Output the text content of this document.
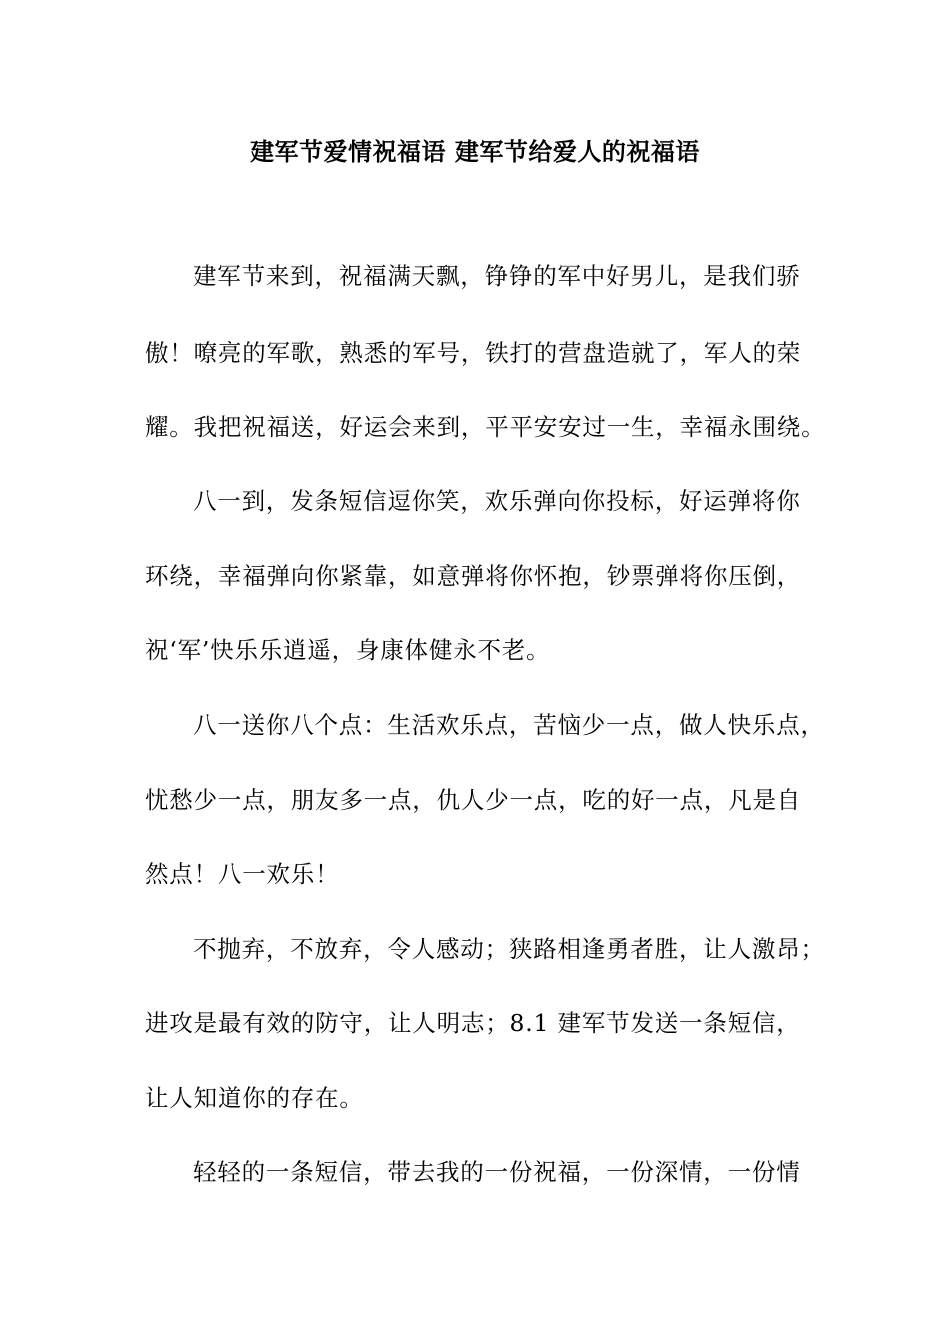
建军节爱情祝福语 建军节给爱人的祝福语
建军节来到，祝福满天飘，铮铮的军中好男儿，是我们骄
傲！嘹亮的军歌，熟悉的军号，铁打的营盘造就了，军人的荣
耀。我把祝福送，好运会来到，平平安安过一生，幸福永围绕。
八一到，发条短信逗你笑，欢乐弹向你投标，好运弹将你
环绕，幸福弹向你紧靠，如意弹将你怀抱，钞票弹将你压倒，
祝‘军’快乐乐逍遥，身康体健永不老。
八一送你八个点：生活欢乐点，苦恼少一点，做人快乐点，
忧愁少一点，朋友多一点，仇人少一点，吃的好一点，凡是自
然点！八一欢乐！
不抛弃，不放弃，令人感动；狭路相逢勇者胜，让人激昂；
进攻是最有效的防守，让人明志；8.1 建军节发送一条短信，
让人知道你的存在。
轻轻的一条短信，带去我的一份祝福，一份深情，一份情
